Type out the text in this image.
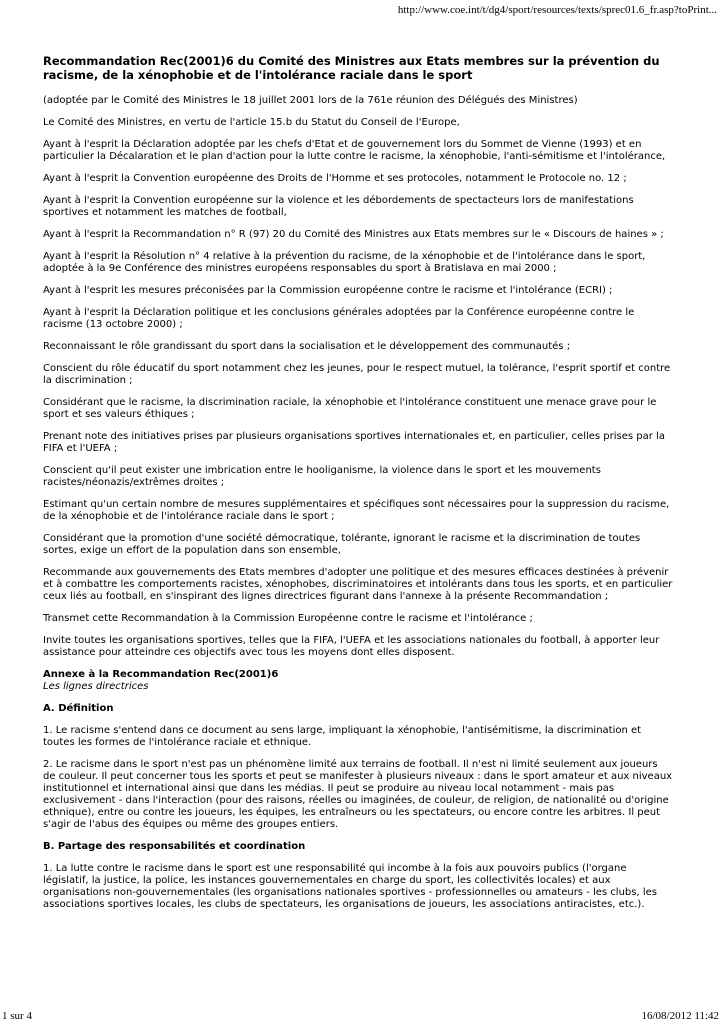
http://www.coe.int/t/dg4/sport/resources/texts/sprec01.6_fr.asp?toPrint...
Recommandation Rec(2001)6 du Comité des Ministres aux Etats membres sur la prévention du racisme, de la xénophobie et de l'intolérance raciale dans le sport

(adoptée par le Comité des Ministres le 18 juillet 2001 lors de la 761e réunion des Délégués des Ministres)

Le Comité des Ministres, en vertu de l'article 15.b du Statut du Conseil de l'Europe,

Ayant à l'esprit la Déclaration adoptée par les chefs d'Etat et de gouvernement lors du Sommet de Vienne (1993) et en particulier la Décalaration et le plan d'action pour la lutte contre le racisme, la xénophobie, l'anti-sémitisme et l'intolérance,

Ayant à l'esprit la Convention européenne des Droits de l'Homme et ses protocoles, notamment le Protocole no. 12 ;

Ayant à l'esprit la Convention européenne sur la violence et les débordements de spectacteurs lors de manifestations sportives et notamment les matches de football,

Ayant à l'esprit la Recommandation n° R (97) 20 du Comité des Ministres aux Etats membres sur le « Discours de haines » ;

Ayant à l'esprit la Résolution n° 4 relative à la prévention du racisme, de la xénophobie et de l'intolérance dans le sport, adoptée à la 9e Conférence des ministres européens responsables du sport à Bratislava en mai 2000 ;

Ayant à l'esprit les mesures préconisées par la Commission européenne contre le racisme et l'intolérance (ECRI) ;

Ayant à l'esprit la Déclaration politique et les conclusions générales adoptées par la Conférence européenne contre le racisme (13 octobre 2000) ;

Reconnaissant le rôle grandissant du sport dans la socialisation et le développement des communautés ;

Conscient du rôle éducatif du sport notamment chez les jeunes, pour le respect mutuel, la tolérance, l'esprit sportif et contre la discrimination ;

Considérant que le racisme, la discrimination raciale, la xénophobie et l'intolérance constituent une menace grave pour le sport et ses valeurs éthiques ;

Prenant note des initiatives prises par plusieurs organisations sportives internationales et, en particulier, celles prises par la FIFA et l'UEFA ;

Conscient qu'il peut exister une imbrication entre le hooliganisme, la violence dans le sport et les mouvements racistes/néonazis/extrêmes droites ;

Estimant qu'un certain nombre de mesures supplémentaires et spécifiques sont nécessaires pour la suppression du racisme, de la xénophobie et de l'intolérance raciale dans le sport ;

Considérant que la promotion d'une société démocratique, tolérante, ignorant le racisme et la discrimination de toutes sortes, exige un effort de la population dans son ensemble,

Recommande aux gouvernements des Etats membres d'adopter une politique et des mesures efficaces destinées à prévenir et à combattre les comportements racistes, xénophobes, discriminatoires et intolérants dans tous les sports, et en particulier ceux liés au football, en s'inspirant des lignes directrices figurant dans l'annexe à la présente Recommandation ;

Transmet cette Recommandation à la Commission Européenne contre le racisme et l'intolérance ;

Invite toutes les organisations sportives, telles que la FIFA, l'UEFA et les associations nationales du football, à apporter leur assistance pour atteindre ces objectifs avec tous les moyens dont elles disposent.

Annexe à la Recommandation Rec(2001)6
Les lignes directrices
A. Définition

1. Le racisme s'entend dans ce document au sens large, impliquant la xénophobie, l'antisémitisme, la discrimination et toutes les formes de l'intolérance raciale et ethnique.

2. Le racisme dans le sport n'est pas un phénomène limité aux terrains de football. Il n'est ni limité seulement aux joueurs de couleur. Il peut concerner tous les sports et peut se manifester à plusieurs niveaux : dans le sport amateur et aux niveaux institutionnel et international ainsi que dans les médias. Il peut se produire au niveau local notamment - mais pas exclusivement - dans l'interaction (pour des raisons, réelles ou imaginées, de couleur, de religion, de nationalité ou d'origine ethnique), entre ou contre les joueurs, les équipes, les entraîneurs ou les spectateurs, ou encore contre les arbitres. Il peut s'agir de l'abus des équipes ou même des groupes entiers.

B. Partage des responsabilités et coordination

1. La lutte contre le racisme dans le sport est une responsabilité qui incombe à la fois aux pouvoirs publics (l'organe législatif, la justice, la police, les instances gouvernementales en charge du sport, les collectivités locales) et aux organisations non-gouvernementales (les organisations nationales sportives - professionnelles ou amateurs - les clubs, les associations sportives locales, les clubs de spectateurs, les organisations de joueurs, les associations antiracistes, etc.).

1 sur 4	16/08/2012 11:42
